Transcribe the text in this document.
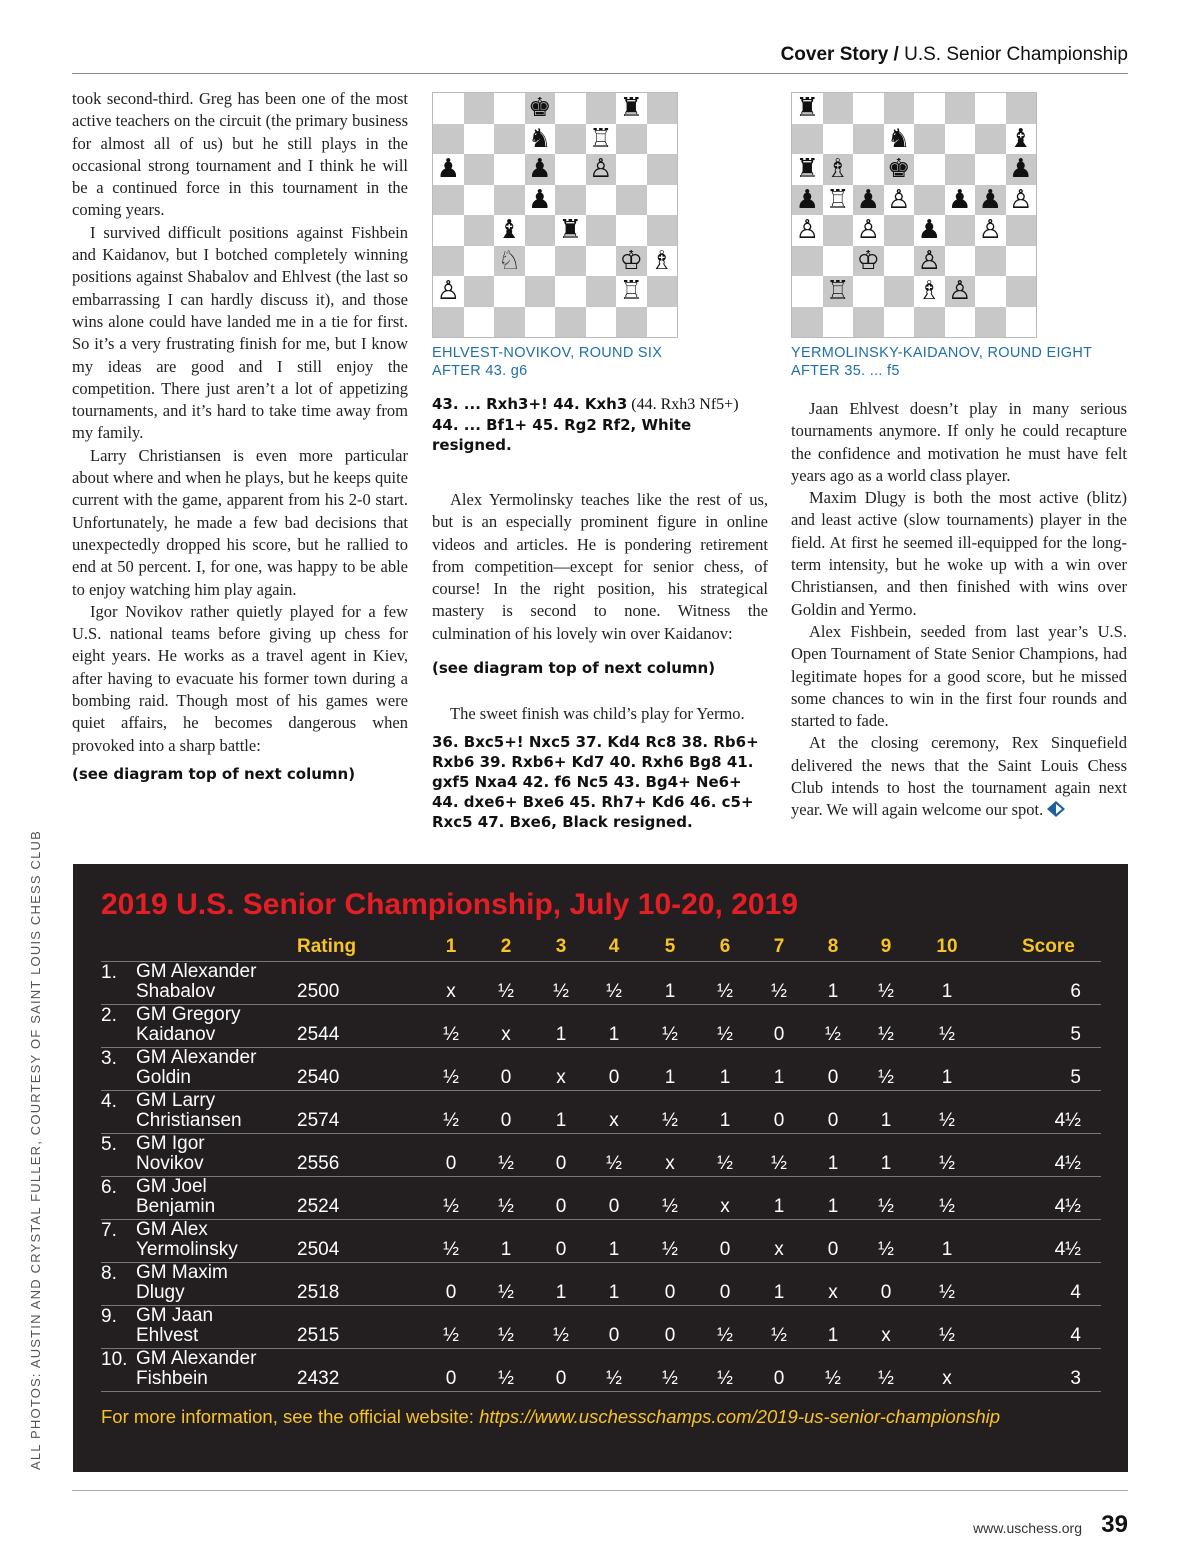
Cover Story / U.S. Senior Championship
ALL PHOTOS: AUSTIN AND CRYSTAL FULLER, COURTESY OF SAINT LOUIS CHESS CLUB

took second-third. Greg has been one of the most active teachers on the circuit (the primary business for almost all of us) but he still plays in the occasional strong tournament and I think he will be a continued force in this tournament in the coming years.

I survived difficult positions against Fishbein and Kaidanov, but I botched completely winning positions against Shabalov and Ehlvest (the last so embarrassing I can hardly discuss it), and those wins alone could have landed me in a tie for first. So it’s a very frustrating finish for me, but I know my ideas are good and I still enjoy the competition. There just aren’t a lot of appetizing tournaments, and it’s hard to take time away from my family.

Larry Christiansen is even more particular about where and when he plays, but he keeps quite current with the game, apparent from his 2-0 start. Unfortunately, he made a few bad decisions that unexpectedly dropped his score, but he rallied to end at 50 percent. I, for one, was happy to be able to enjoy watching him play again.

Igor Novikov rather quietly played for a few U.S. national teams before giving up chess for eight years. He works as a travel agent in Kiev, after having to evacuate his former town during a bombing raid. Though most of his games were quiet affairs, he becomes dangerous when provoked into a sharp battle:

(see diagram top of next column)

♚	♜
♞ ♖
♟	♟ ♙
♟
♝ ♜
♘	♔ ♗
♙	♖
EHLVEST-NOVIKOV, ROUND SIX
AFTER 43. g6

43. ... Rxh3+! 44. Kxh3 (44. Rxh3 Nf5+) 44. ... Bf1+ 45. Rg2 Rf2, White resigned.

Alex Yermolinsky teaches like the rest of us, but is an especially prominent figure in online videos and articles. He is pondering retirement from competition—except for senior chess, of course! In the right position, his strategical mastery is second to none. Witness the culmination of his lovely win over Kaidanov:

(see diagram top of next column)

The sweet finish was child’s play for Yermo.

36. Bxc5+! Nxc5 37. Kd4 Rc8 38. Rb6+ Rxb6 39. Rxb6+ Kd7 40. Rxh6 Bg8 41. gxf5 Nxa4 42. f6 Nc5 43. Bg4+ Ne6+ 44. dxe6+ Bxe6 45. Rh7+ Kd6 46. c5+ Rxc5 47. Bxe6, Black resigned.

♜
♞	♝
♜ ♗ ♚	♟
♟ ♖ ♟ ♙ ♟ ♟ ♙
♙ ♙ ♟ ♙
♔ ♙
♖	♗ ♙
YERMOLINSKY-KAIDANOV, ROUND EIGHT
AFTER 35. ... f5

Jaan Ehlvest doesn’t play in many serious tournaments anymore. If only he could recapture the confidence and motivation he must have felt years ago as a world class player.

Maxim Dlugy is both the most active (blitz) and least active (slow tournaments) player in the field. At first he seemed ill-equipped for the long-term intensity, but he woke up with a win over Christiansen, and then finished with wins over Goldin and Yermo.

Alex Fishbein, seeded from last year’s U.S. Open Tournament of State Senior Champions, had legitimate hopes for a good score, but he missed some chances to win in the first four rounds and started to fade.

At the closing ceremony, Rex Sinquefield delivered the news that the Saint Louis Chess Club intends to host the tournament again next year. We will again welcome our spot.

2019 U.S. Senior Championship, July 10-20, 2019
Rating	Score
1	2	3	4	5	6	7	8	9	10
1. GM Alexander
Shabalov	2500	x	½	½	½	1	½	½	1	½	1	6
2. GM Gregory
Kaidanov	2544	½	x	1	1	½	½	0	½	½	½	5
3. GM Alexander
Goldin	2540	½	0	x	0	1	1	1	0	½	1	5
4. GM Larry
Christiansen	2574	½	0	1	x	½	1	0	0	1	½	4½
5. GM Igor
Novikov	2556	0	½	0	½	x	½	½	1	1	½	4½
6. GM Joel
Benjamin	2524	½	½	0	0	½	x	1	1	½	½	4½
7. GM Alex
Yermolinsky	2504	½	1	0	1	½	0	x	0	½	1	4½
8. GM Maxim
Dlugy	2518	0	½	1	1	0	0	1	x	0	½	4
9. GM Jaan
Ehlvest	2515	½	½	½	0	0	½	½	1	x	½	4
10. GM Alexander
Fishbein	2432	0	½	0	½	½	½	0	½	½	x	3
For more information, see the official website: https://www.uschesschamps.com/2019-us-senior-championship
www.uschess.org 39
